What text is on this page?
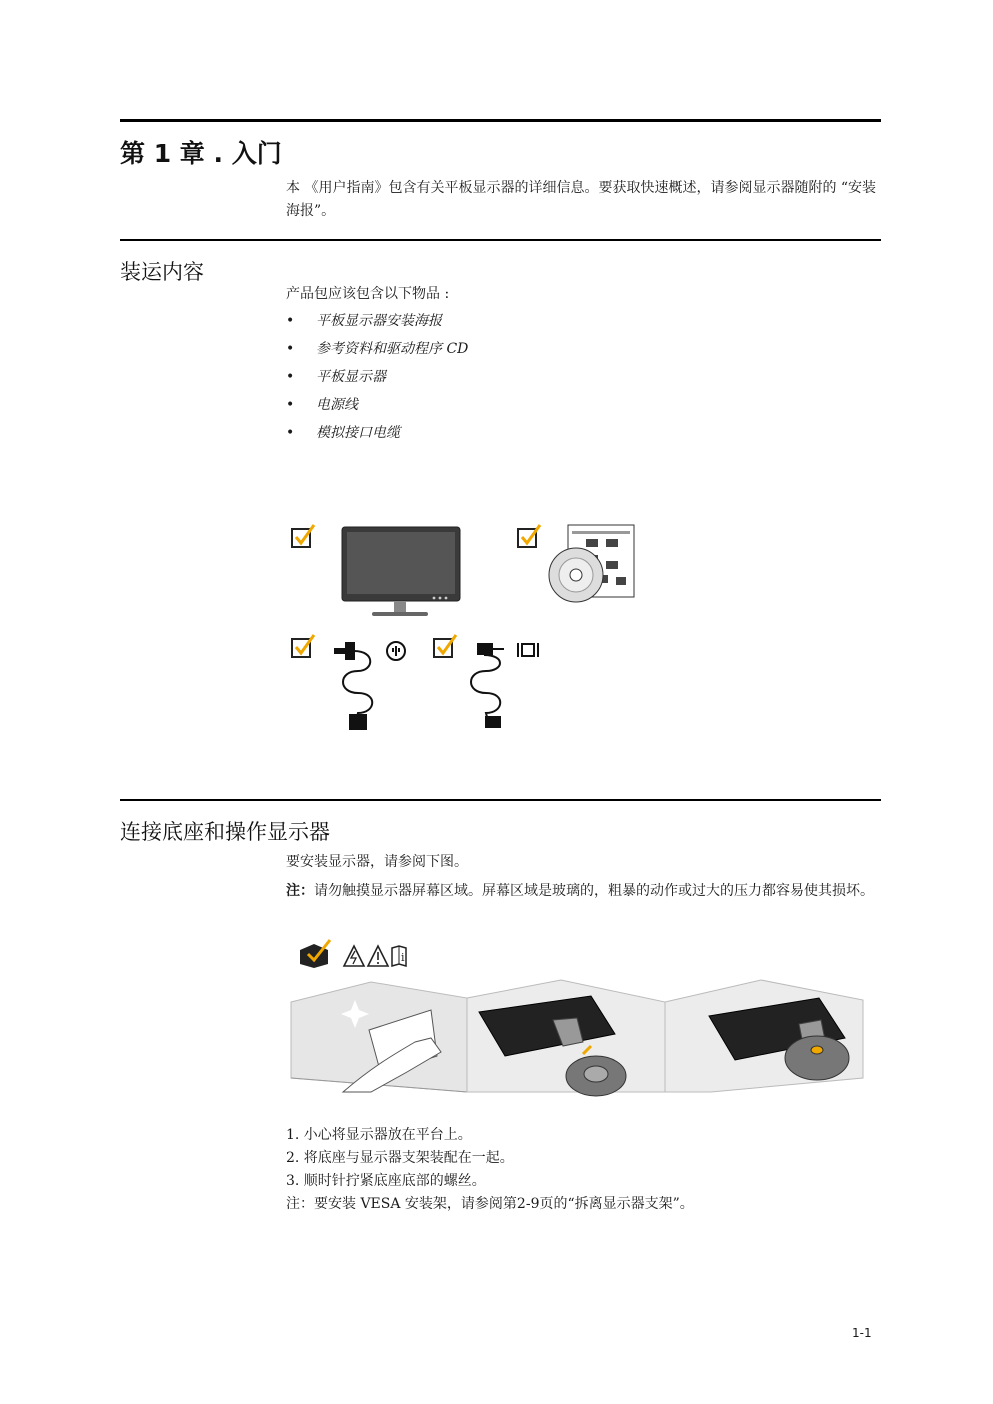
第 1 章 . 入门
本 《用户指南》包含有关平板显示器的详细信息。要获取快速概述，请参阅显示器随附的 “安装海报”。
装运内容
产品包应该包含以下物品 :
• 平板显示器安装海报
• 参考资料和驱动程序 CD
• 平板显示器
• 电源线
• 模拟接口电缆
连接底座和操作显示器
要安装显示器，请参阅下图。
注：请勿触摸显示器屏幕区域。屏幕区域是玻璃的，粗暴的动作或过大的压力都容易使其损坏。
i
1. 小心将显示器放在平台上。
2. 将底座与显示器支架装配在一起。
3. 顺时针拧紧底座底部的螺丝。
注：要安装 VESA 安装架，请参阅第2-9页的“拆离显示器支架”。
1-1
